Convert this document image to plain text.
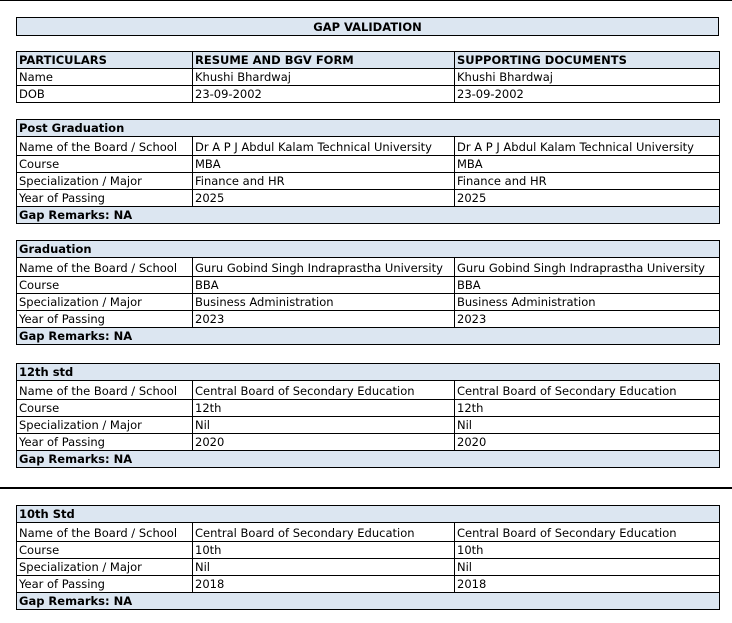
GAP VALIDATION
PARTICULARS	RESUME AND BGV FORM	SUPPORTING DOCUMENTS
Name	Khushi Bhardwaj	Khushi Bhardwaj
DOB	23-09-2002	23-09-2002
Post Graduation		
Name of the Board / School	Dr A P J Abdul Kalam Technical University	Dr A P J Abdul Kalam Technical University
Course	MBA	MBA
Specialization / Major	Finance and HR	Finance and HR
Year of Passing	2025	2025
Gap Remarks: NA		
Graduation		
Name of the Board / School	Guru Gobind Singh Indraprastha University	Guru Gobind Singh Indraprastha University
Course	BBA	BBA
Specialization / Major	Business Administration	Business Administration
Year of Passing	2023	2023
Gap Remarks: NA		
12th std		
Name of the Board / School	Central Board of Secondary Education	Central Board of Secondary Education
Course	12th	12th
Specialization / Major	Nil	Nil
Year of Passing	2020	2020
Gap Remarks: NA		
10th Std		
Name of the Board / School	Central Board of Secondary Education	Central Board of Secondary Education
Course	10th	10th
Specialization / Major	Nil	Nil
Year of Passing	2018	2018
Gap Remarks: NA		
